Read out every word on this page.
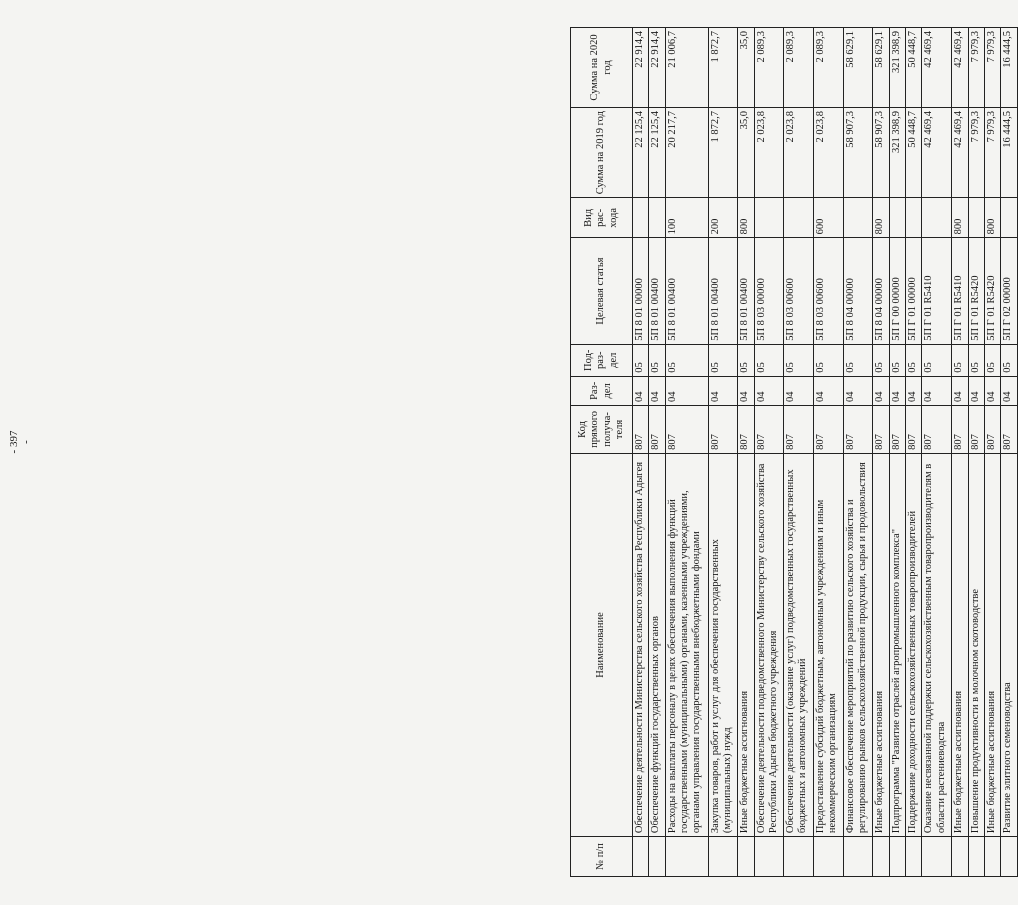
- 397 -
№ п/п	Наименование	Код прямого получа-теля	Раз-дел	Под-раз-дел	Целевая статья	Вид рас-хода	Сумма на 2019 год	Сумма на 2020 год
	Обеспечение деятельности Министерства сельского хозяйства Республики Адыгея	807	04	05	5П 8 01 00000		22 125,4	22 914,4
	Обеспечение функций государственных органов	807	04	05	5П 8 01 00400		22 125,4	22 914,4
	Расходы на выплаты персоналу в целях обеспечения выполнения функций государственными (муниципальными) органами, казенными учреждениями, органами управления государственными внебюджетными фондами	807	04	05	5П 8 01 00400	100	20 217,7	21 006,7
	Закупка товаров, работ и услуг для обеспечения государственных (муниципальных) нужд	807	04	05	5П 8 01 00400	200	1 872,7	1 872,7
	Иные бюджетные ассигнования	807	04	05	5П 8 01 00400	800	35,0	35,0
	Обеспечение деятельности подведомственного Министерству сельского хозяйства Республики Адыгея бюджетного учреждения	807	04	05	5П 8 03 00000		2 023,8	2 089,3
	Обеспечение деятельности (оказание услуг) подведомственных государственных бюджетных и автономных учреждений	807	04	05	5П 8 03 00600		2 023,8	2 089,3
	Предоставление субсидий бюджетным, автономным учреждениям и иным некоммерческим организациям	807	04	05	5П 8 03 00600	600	2 023,8	2 089,3
	Финансовое обеспечение мероприятий по развитию сельского хозяйства и регулированию рынков сельскохозяйственной продукции, сырья и продовольствия	807	04	05	5П 8 04 00000		58 907,3	58 629,1
	Иные бюджетные ассигнования	807	04	05	5П 8 04 00000	800	58 907,3	58 629,1
	Подпрограмма "Развитие отраслей агропромышленного комплекса"	807	04	05	5П Г 00 00000		321 398,9	321 398,9
	Поддержание доходности сельскохозяйственных товаропроизводителей	807	04	05	5П Г 01 00000		50 448,7	50 448,7
	Оказание несвязанной поддержки сельскохозяйственным товаропроизводителям в области растениеводства	807	04	05	5П Г 01 R5410		42 469,4	42 469,4
	Иные бюджетные ассигнования	807	04	05	5П Г 01 R5410	800	42 469,4	42 469,4
	Повышение продуктивности в молочном скотоводстве	807	04	05	5П Г 01 R5420		7 979,3	7 979,3
	Иные бюджетные ассигнования	807	04	05	5П Г 01 R5420	800	7 979,3	7 979,3
	Развитие элитного семеноводства	807	04	05	5П Г 02 00000		16 444,5	16 444,5
